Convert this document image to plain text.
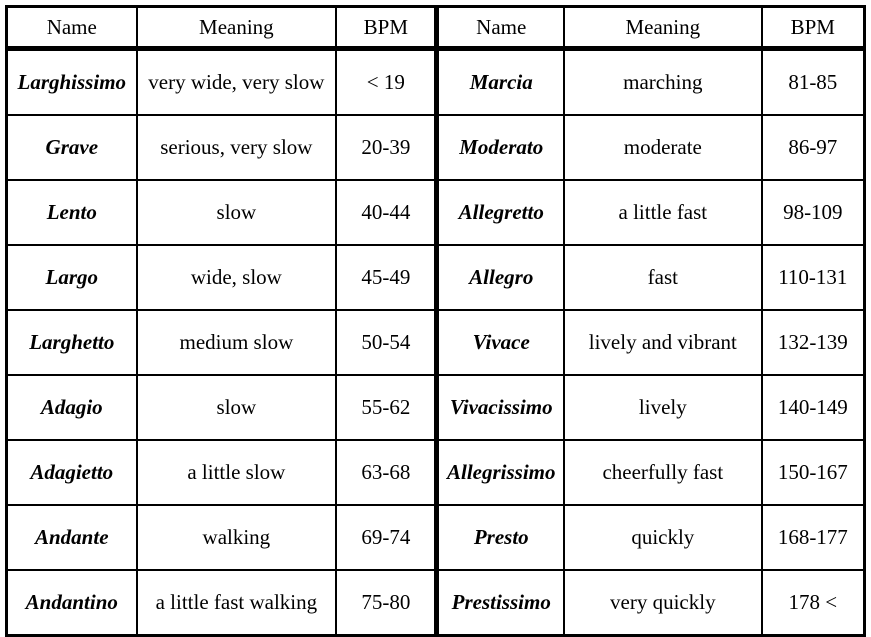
Name	Meaning	BPM	Name	Meaning	BPM
Larghissimo	very wide, very slow	< 19	Marcia	marching	81-85
Grave	serious, very slow	20-39	Moderato	moderate	86-97
Lento	slow	40-44	Allegretto	a little fast	98-109
Largo	wide, slow	45-49	Allegro	fast	110-131
Larghetto	medium slow	50-54	Vivace	lively and vibrant	132-139
Adagio	slow	55-62	Vivacissimo	lively	140-149
Adagietto	a little slow	63-68	Allegrissimo	cheerfully fast	150-167
Andante	walking	69-74	Presto	quickly	168-177
Andantino	a little fast walking	75-80	Prestissimo	very quickly	178 <
